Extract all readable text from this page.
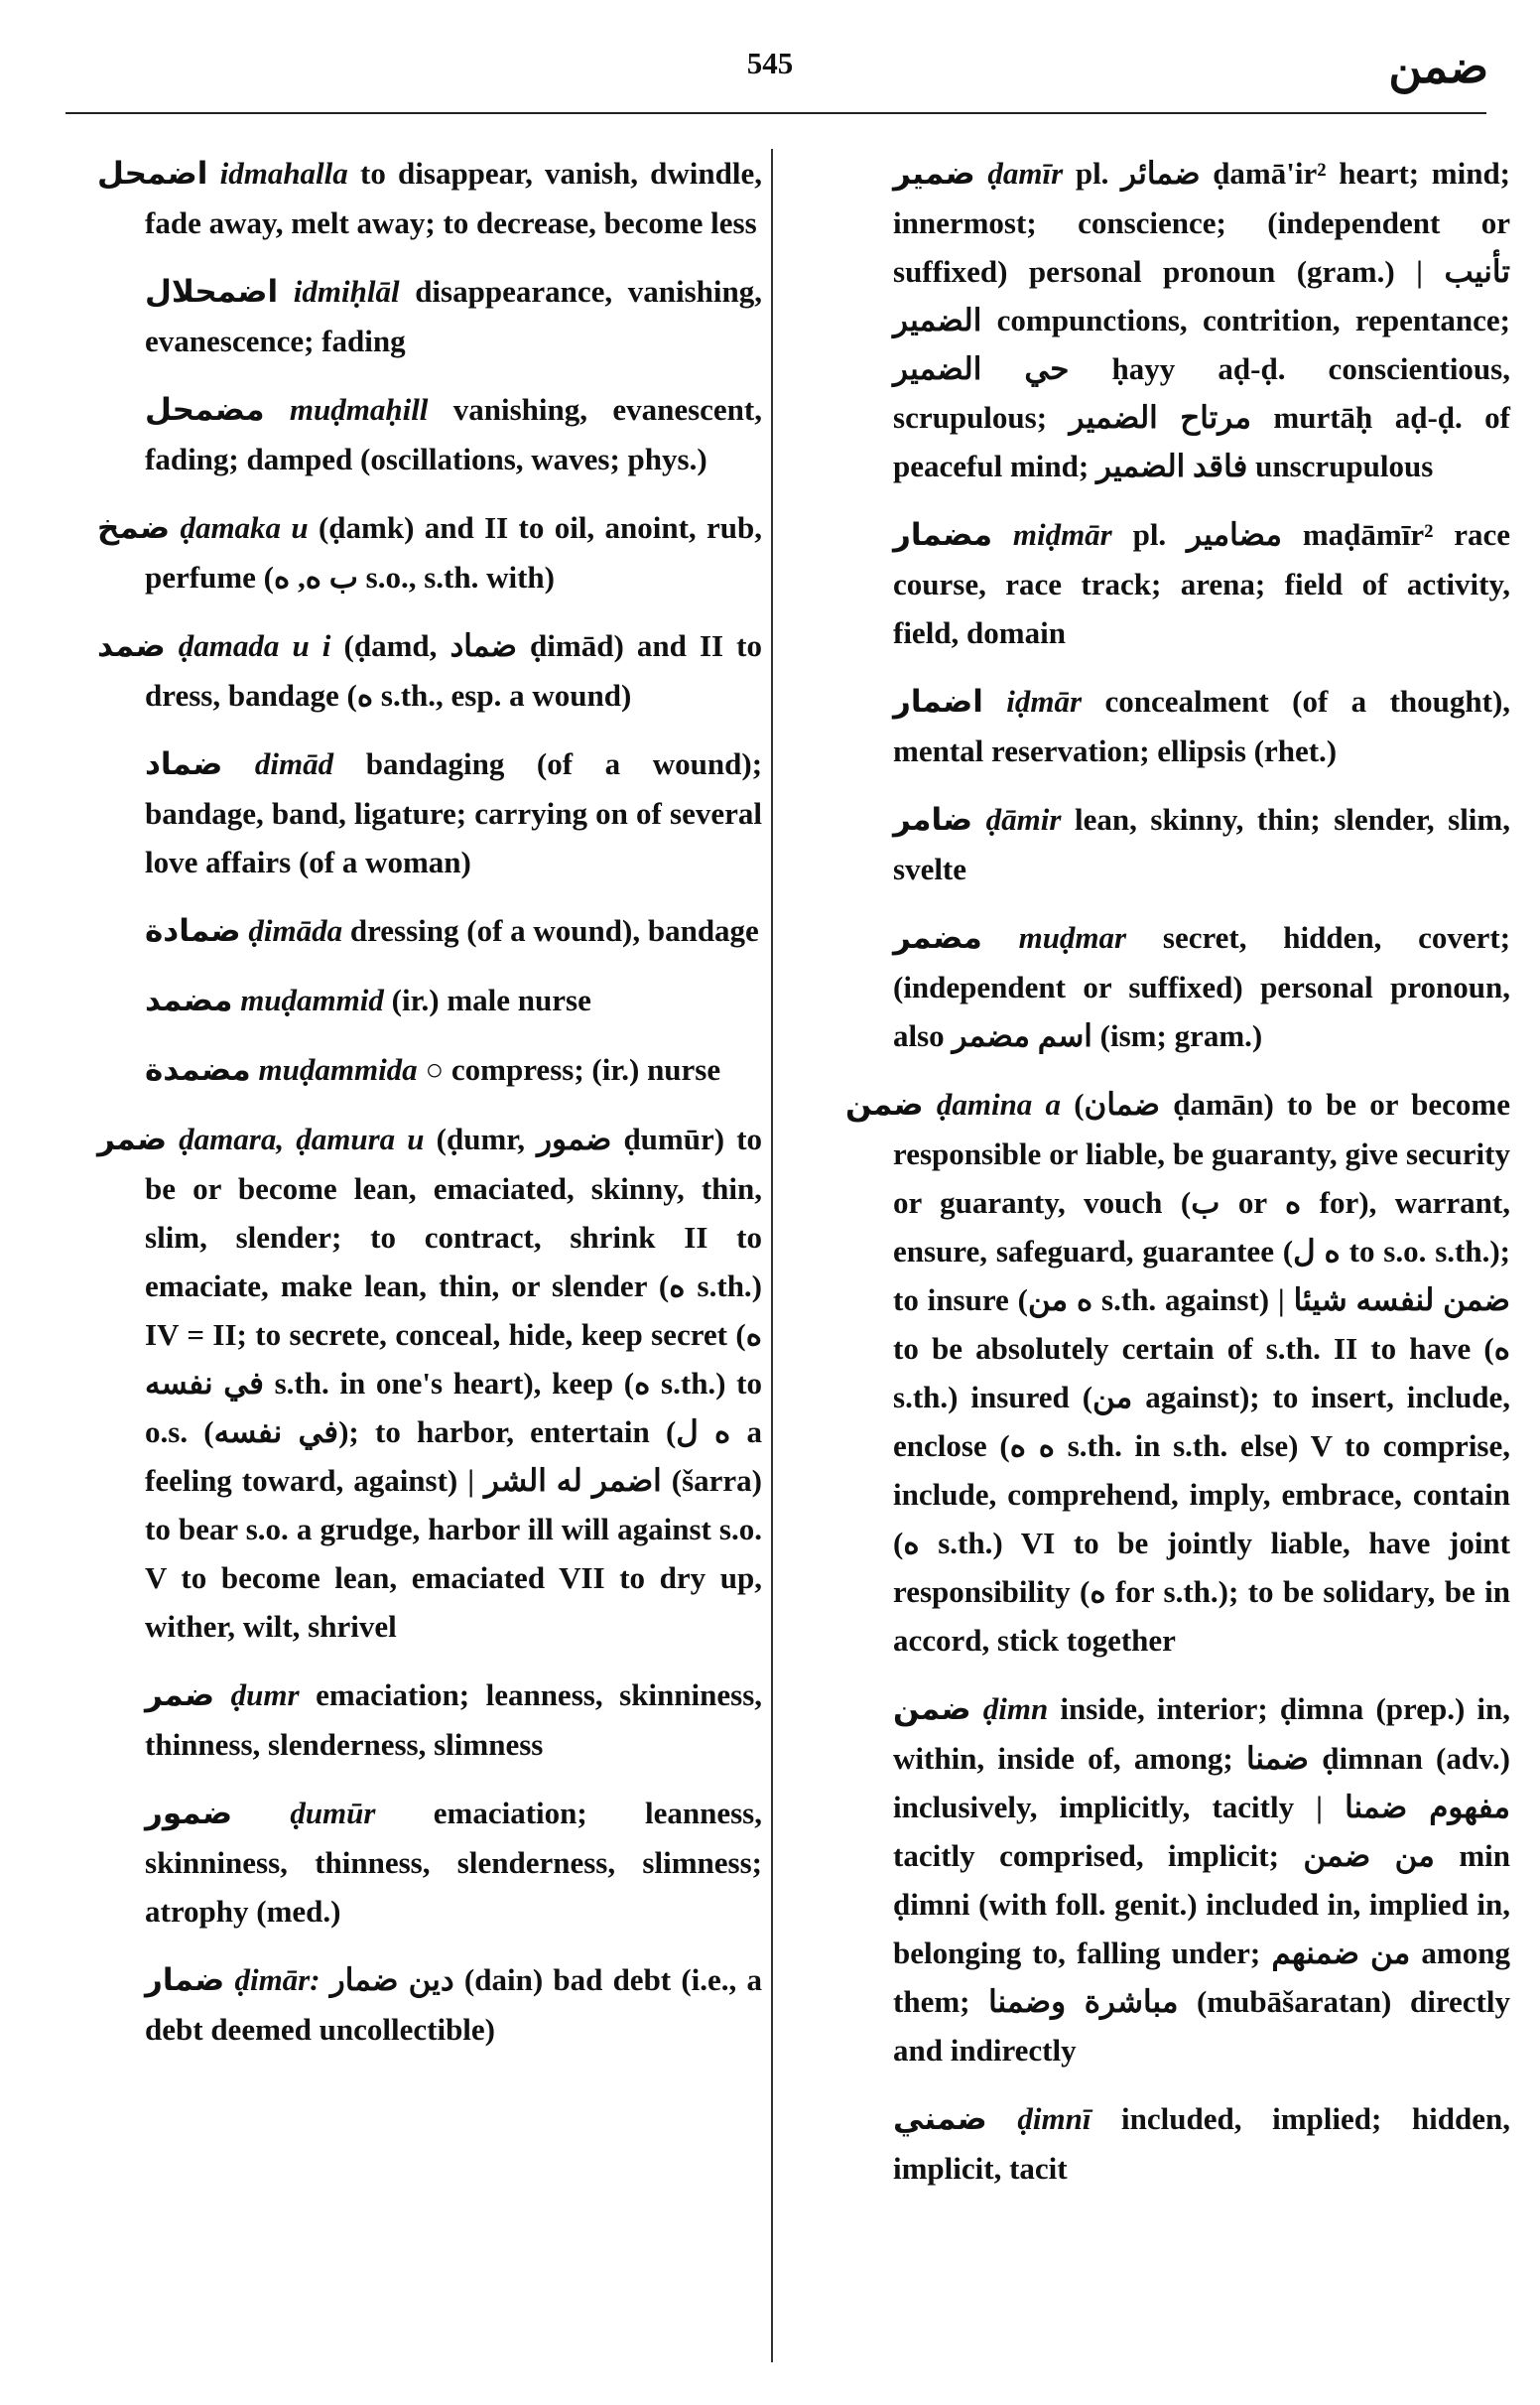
545	ضمن
اضمحل idmahalla to disappear, vanish, dwindle, fade away, melt away; to decrease, become less
اضمحلال idmiḥlāl disappearance, vanishing, evanescence; fading
مضمحل muḍmaḥill vanishing, evanescent, fading; damped (oscillations, waves; phys.)
ضمخ ḍamaka u (ḍamk) and II to oil, anoint, rub, perfume (ب ه, ه s.o., s.th. with)
ضمد ḍamada u i (ḍamd, ضماد ḍimād) and II to dress, bandage (ه s.th., esp. a wound)
ضماد dimād bandaging (of a wound); bandage, band, ligature; carrying on of several love affairs (of a woman)
ضمادة ḍimāda dressing (of a wound), bandage
مضمد muḍammid (ir.) male nurse
مضمدة muḍammida ○ compress; (ir.) nurse
ضمر ḍamara, ḍamura u (ḍumr, ضمور ḍumūr) to be or become lean, emaciated, skinny, thin, slim, slender; to contract, shrink II to emaciate, make lean, thin, or slender (ه s.th.) IV = II; to secrete, conceal, hide, keep secret (ه في نفسه s.th. in one's heart), keep (ه s.th.) to o.s. (في نفسه); to harbor, entertain (ه ل a feeling toward, against) | اضمر له الشر (šarra) to bear s.o. a grudge, harbor ill will against s.o. V to become lean, emaciated VII to dry up, wither, wilt, shrivel
ضمر ḍumr emaciation; leanness, skinniness, thinness, slenderness, slimness
ضمور ḍumūr emaciation; leanness, skinniness, thinness, slenderness, slimness; atrophy (med.)
ضمار ḍimār: دين ضمار (dain) bad debt (i.e., a debt deemed uncollectible)
ضمير ḍamīr pl. ضمائر ḍamā'ir² heart; mind; innermost; conscience; (independent or suffixed) personal pronoun (gram.) | تأنيب الضمير compunctions, contrition, repentance; حي الضمير ḥayy aḍ-ḍ. conscientious, scrupulous; مرتاح الضمير murtāḥ aḍ-ḍ. of peaceful mind; فاقد الضمير unscrupulous
مضمار miḍmār pl. مضامير maḍāmīr² race course, race track; arena; field of activity, field, domain
اضمار iḍmār concealment (of a thought), mental reservation; ellipsis (rhet.)
ضامر ḍāmir lean, skinny, thin; slender, slim, svelte
مضمر muḍmar secret, hidden, covert; (independent or suffixed) personal pronoun, also اسم مضمر (ism; gram.)
ضمن ḍamina a (ضمان ḍamān) to be or become responsible or liable, be guaranty, give security or guaranty, vouch (ب or ه for), warrant, ensure, safeguard, guarantee (ه ل to s.o. s.th.); to insure (ه من s.th. against) | ضمن لنفسه شيئا to be absolutely certain of s.th. II to have (ه s.th.) insured (من against); to insert, include, enclose (ه ه s.th. in s.th. else) V to comprise, include, comprehend, imply, embrace, contain (ه s.th.) VI to be jointly liable, have joint responsibility (ه for s.th.); to be solidary, be in accord, stick together
ضمن ḍimn inside, interior; ḍimna (prep.) in, within, inside of, among; ضمنا ḍimnan (adv.) inclusively, implicitly, tacitly | مفهوم ضمنا tacitly comprised, implicit; من ضمن min ḍimni (with foll. genit.) included in, implied in, belonging to, falling under; من ضمنهم among them; مباشرة وضمنا (mubāšaratan) directly and indirectly
ضمني ḍimnī included, implied; hidden, implicit, tacit
